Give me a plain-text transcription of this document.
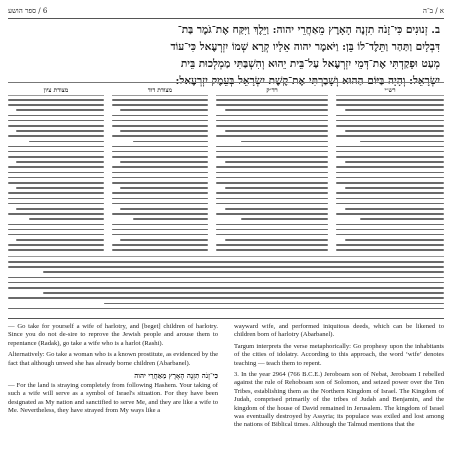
6 / ספר הושע	א / ב־ה
ב. זְנוּנִים כִּי־זָנֹה תִזְנֶה הָאָרֶץ מֵאַחֲרֵי יהוה: וַיֵּלֶךְ וַיִּקַּח אֶת־גֹּמֶר בַּת־
דִּבְלָיִם וַתַּהַר וַתֵּלֶד־לוֹ בֵּן: וַיֹּאמֶר יהוה אֵלָיו קְרָא שְׁמוֹ יִזְרְעֶאל כִּי־עוֹד
מְעַט וּפָקַדְתִּי אֶת־דְּמֵי יִזְרְעֶאל עַל־בֵּית יֵהוּא וְהִשְׁבַּתִּי מַמְלְכוּת בֵּית
יִשְׂרָאֵל: וְהָיָה בַּיּוֹם הַהוּא וְשָׁבַרְתִּי אֶת־קֶשֶׁת יִשְׂרָאֵל בְּעֵמֶק יִזְרְעֶאל:
רש״י
רד״ק
מצודת דוד
מצודת ציון

— Go take for yourself a wife of harlotry, and [beget] children of harlotry. Since you do not de-sire to reprove the Jewish people and arouse them to repentance (Radak), go take a wife who is a harlot (Rashi).

Alternatively: Go take a woman who is a known prostitute, as evidenced by the fact that although unwed she has already borne children (Abarbanel).

כִּי־זָנֹה תִזְנֶה הָאָרֶץ מֵאַחֲרֵי יהוה

— For the land is straying completely from following Hashem. Your taking of such a wife will serve as a symbol of Israel's situation. For they have been designated as My nation and sanctified to serve Me, and they are like a wife to Me. Nevertheless, they have strayed from My ways like a

wayward wife, and performed iniquitous deeds, which can be likened to children born of harlotry (Abarbanel).

Targum interprets the verse metaphorically: Go prophesy upon the inhabitants of the cities of idolatry. According to this approach, the word ‘wife’ denotes teaching — teach them to repent.

3. In the year 2964 (766 B.C.E.) Jeroboam son of Nebat, Jeroboam I rebelled against the rule of Rehoboam son of Solomon, and seized power over the Ten Tribes, establishing them as the Northern Kingdom of Israel. The Kingdom of Judah, comprised primarily of the tribes of Judah and Benjamin, and the kingdom of the house of David remained in Jerusalem. The kingdom of Israel was eventually destroyed by Assyria; its populace was exiled and lost among the nations of Biblical times. Although the Talmud mentions that the
